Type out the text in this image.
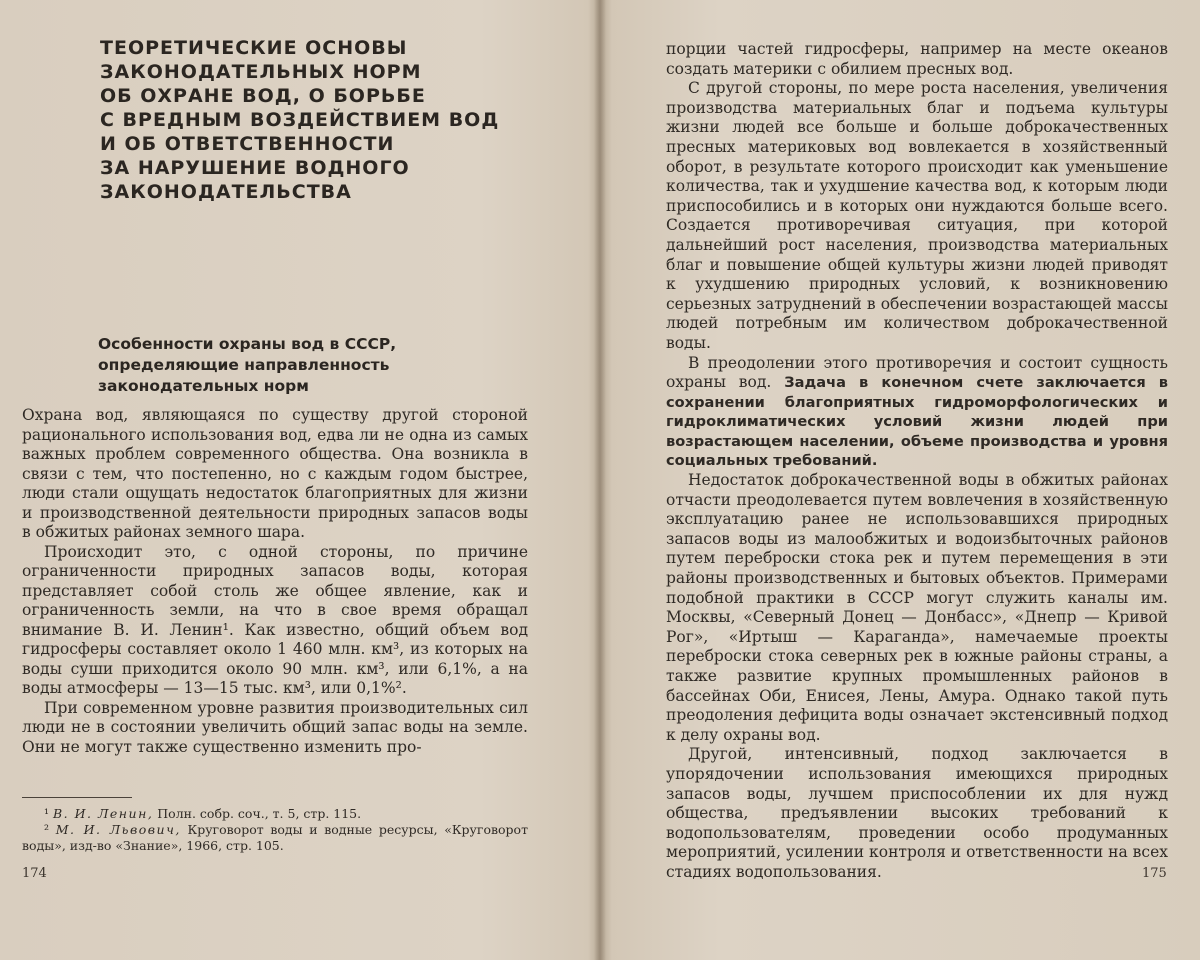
ТЕОРЕТИЧЕСКИЕ ОСНОВЫ
ЗАКОНОДАТЕЛЬНЫХ НОРМ
ОБ ОХРАНЕ ВОД, О БОРЬБЕ
С ВРЕДНЫМ ВОЗДЕЙСТВИЕМ ВОД
И ОБ ОТВЕТСТВЕННОСТИ
ЗА НАРУШЕНИЕ ВОДНОГО
ЗАКОНОДАТЕЛЬСТВА
Особенности охраны вод в СССР,
определяющие направленность
законодательных норм

Охрана вод, являющаяся по существу другой стороной рационального использования вод, едва ли не одна из самых важных проблем современного общества. Она возникла в связи с тем, что постепенно, но с каждым годом быстрее, люди стали ощущать недостаток благоприятных для жизни и производственной деятельности природных запасов воды в обжитых районах земного шара.

Происходит это, с одной стороны, по причине ограниченности природных запасов воды, которая представляет собой столь же общее явление, как и ограниченность земли, на что в свое время обращал внимание В. И. Ленин¹. Как известно, общий объем вод гидросферы составляет около 1 460 млн. км³, из которых на воды суши приходится около 90 млн. км³, или 6,1%, а на воды атмосферы — 13—15 тыс. км³, или 0,1%².

При современном уровне развития производительных сил люди не в состоянии увеличить общий запас воды на земле. Они не могут также существенно изменить про-

¹ В. И. Ленин, Полн. собр. соч., т. 5, стр. 115.

² М. И. Львович, Круговорот воды и водные ресурсы, «Круговорот воды», изд-во «Знание», 1966, стр. 105.

174

порции частей гидросферы, например на месте океанов создать материки с обилием пресных вод.

С другой стороны, по мере роста населения, увеличения производства материальных благ и подъема культуры жизни людей все больше и больше доброкачественных пресных материковых вод вовлекается в хозяйственный оборот, в результате которого происходит как уменьшение количества, так и ухудшение качества вод, к которым люди приспособились и в которых они нуждаются больше всего. Создается противоречивая ситуация, при которой дальнейший рост населения, производства материальных благ и повышение общей культуры жизни людей приводят к ухудшению природных условий, к возникновению серьезных затруднений в обеспечении возрастающей массы людей потребным им количеством доброкачественной воды.

В преодолении этого противоречия и состоит сущность охраны вод. Задача в конечном счете заключается в сохранении благоприятных гидроморфологических и гидроклиматических условий жизни людей при возрастающем населении, объеме производства и уровня социальных требований.

Недостаток доброкачественной воды в обжитых районах отчасти преодолевается путем вовлечения в хозяйственную эксплуатацию ранее не использовавшихся природных запасов воды из малообжитых и водоизбыточных районов путем переброски стока рек и путем перемещения в эти районы производственных и бытовых объектов. Примерами подобной практики в СССР могут служить каналы им. Москвы, «Северный Донец — Донбасс», «Днепр — Кривой Рог», «Иртыш — Караганда», намечаемые проекты переброски стока северных рек в южные районы страны, а также развитие крупных промышленных районов в бассейнах Оби, Енисея, Лены, Амура. Однако такой путь преодоления дефицита воды означает экстенсивный подход к делу охраны вод.

Другой, интенсивный, подход заключается в упорядочении использования имеющихся природных запасов воды, лучшем приспособлении их для нужд общества, предъявлении высоких требований к водопользователям, проведении особо продуманных мероприятий, усилении контроля и ответственности на всех стадиях водопользования.	175
